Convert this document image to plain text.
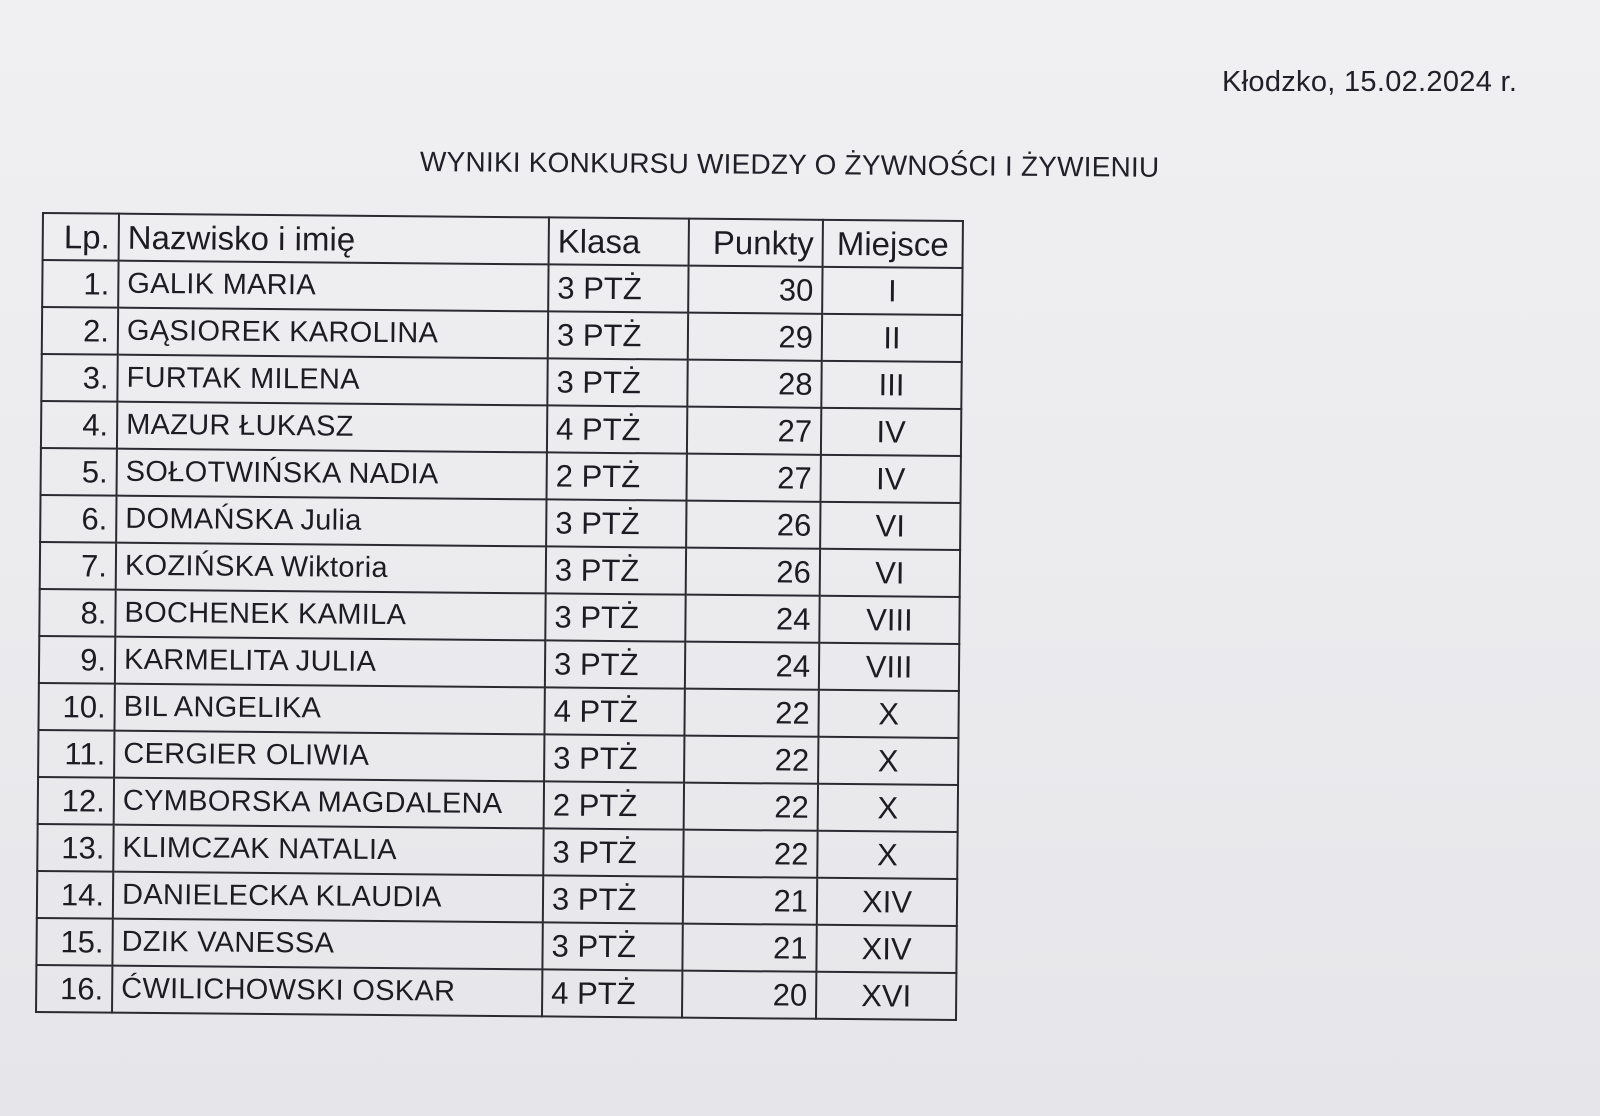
Kłodzko, 15.02.2024 r.
WYNIKI KONKURSU WIEDZY O ŻYWNOŚCI I ŻYWIENIU
Lp.	Nazwisko i imię	Klasa	Punkty	Miejsce
1.	GALIK MARIA	3 PTŻ	30	I
2.	GĄSIOREK KAROLINA	3 PTŻ	29	II
3.	FURTAK MILENA	3 PTŻ	28	III
4.	MAZUR ŁUKASZ	4 PTŻ	27	IV
5.	SOŁOTWIŃSKA NADIA	2 PTŻ	27	IV
6.	DOMAŃSKA Julia	3 PTŻ	26	VI
7.	KOZIŃSKA Wiktoria	3 PTŻ	26	VI
8.	BOCHENEK KAMILA	3 PTŻ	24	VIII
9.	KARMELITA JULIA	3 PTŻ	24	VIII
10.	BIL ANGELIKA	4 PTŻ	22	X
11.	CERGIER OLIWIA	3 PTŻ	22	X
12.	CYMBORSKA MAGDALENA	2 PTŻ	22	X
13.	KLIMCZAK NATALIA	3 PTŻ	22	X
14.	DANIELECKA KLAUDIA	3 PTŻ	21	XIV
15.	DZIK VANESSA	3 PTŻ	21	XIV
16.	ĆWILICHOWSKI OSKAR	4 PTŻ	20	XVI
